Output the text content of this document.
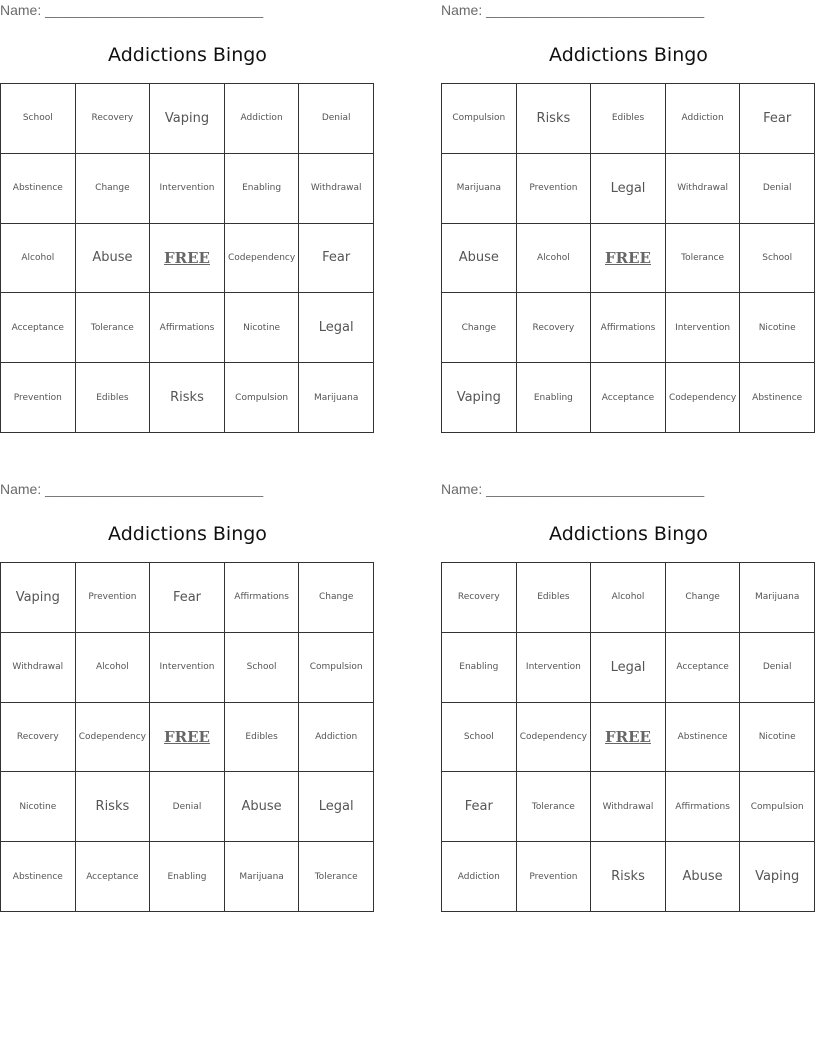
Name: ____________________________
Addictions Bingo
School	Recovery	Vaping	Addiction	Denial
Abstinence	Change	Intervention	Enabling	Withdrawal
Alcohol	Abuse	FREE	Codependency	Fear
Acceptance	Tolerance	Affirmations	Nicotine	Legal
Prevention	Edibles	Risks	Compulsion	Marijuana
Name: ____________________________
Addictions Bingo
Compulsion	Risks	Edibles	Addiction	Fear
Marijuana	Prevention	Legal	Withdrawal	Denial
Abuse	Alcohol	FREE	Tolerance	School
Change	Recovery	Affirmations	Intervention	Nicotine
Vaping	Enabling	Acceptance	Codependency	Abstinence
Name: ____________________________
Addictions Bingo
Vaping	Prevention	Fear	Affirmations	Change
Withdrawal	Alcohol	Intervention	School	Compulsion
Recovery	Codependency	FREE	Edibles	Addiction
Nicotine	Risks	Denial	Abuse	Legal
Abstinence	Acceptance	Enabling	Marijuana	Tolerance
Name: ____________________________
Addictions Bingo
Recovery	Edibles	Alcohol	Change	Marijuana
Enabling	Intervention	Legal	Acceptance	Denial
School	Codependency	FREE	Abstinence	Nicotine
Fear	Tolerance	Withdrawal	Affirmations	Compulsion
Addiction	Prevention	Risks	Abuse	Vaping
